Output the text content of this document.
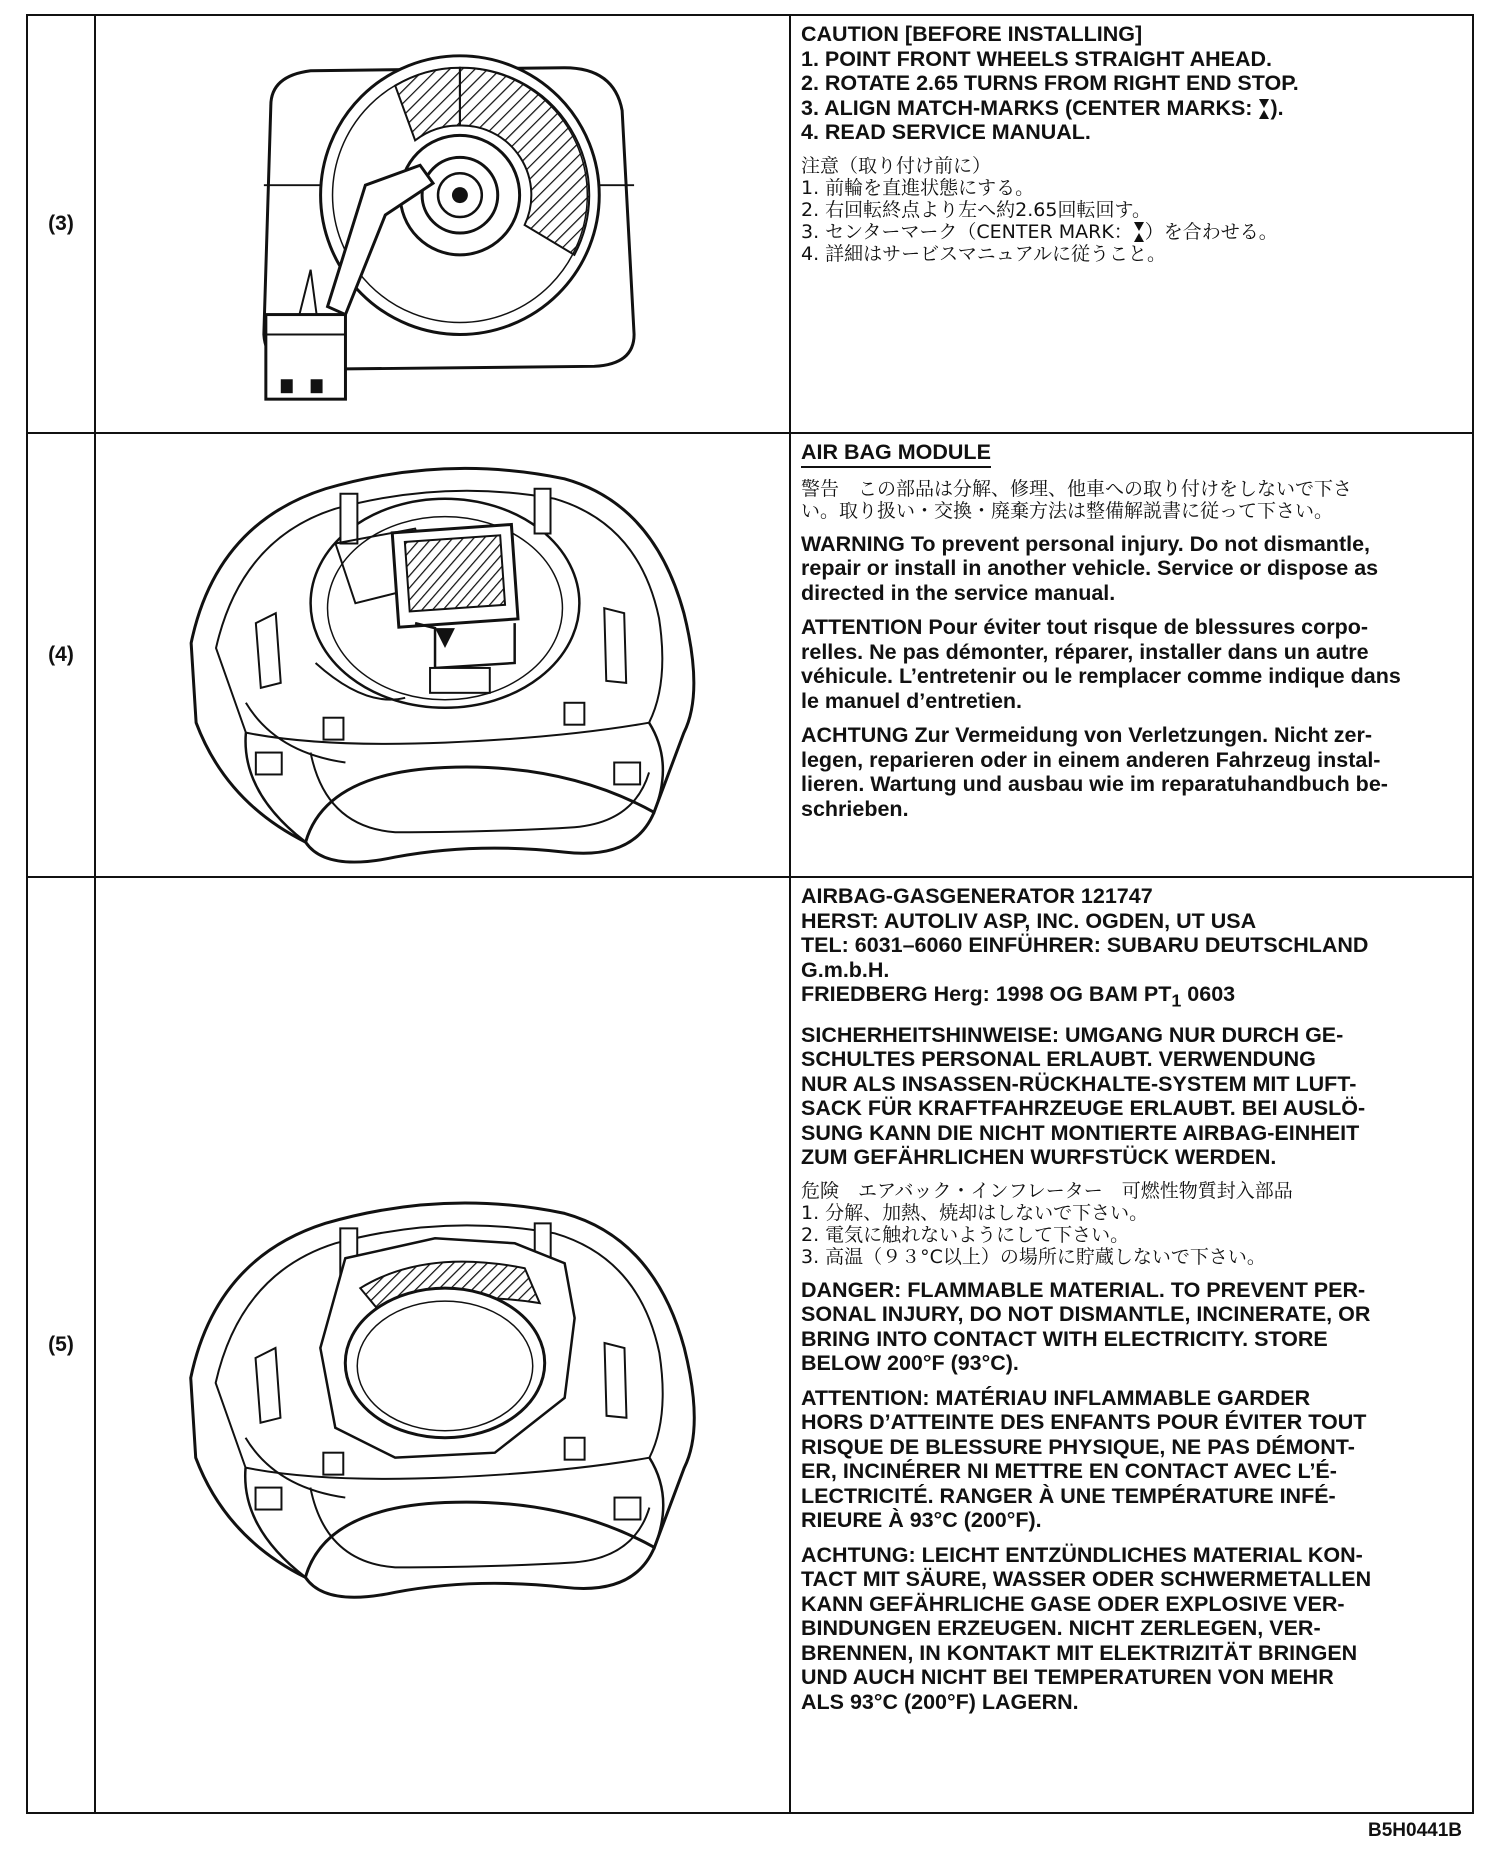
(3)

CAUTION [BEFORE INSTALLING]
1. POINT FRONT WHEELS STRAIGHT AHEAD.
2. ROTATE 2.65 TURNS FROM RIGHT END STOP.
3. ALIGN MATCH-MARKS (CENTER MARKS: ).
4. READ SERVICE MANUAL.

注意（取り付け前に）
1. 前輪を直進状態にする。
2. 右回転終点より左へ約2.65回転回す。
3. センターマーク（CENTER MARK： ）を合わせる。
4. 詳細はサービスマニュアルに従うこと。

(4)

AIR BAG MODULE

警告　この部品は分解、修理、他車への取り付けをしないで下さ
い。取り扱い・交換・廃棄方法は整備解説書に従って下さい。

WARNING To prevent personal injury. Do not dismantle,
repair or install in another vehicle. Service or dispose as
directed in the service manual.

ATTENTION Pour éviter tout risque de blessures corpo-
relles. Ne pas démonter, réparer, installer dans un autre
véhicule. L’entretenir ou le remplacer comme indique dans
le manuel d’entretien.

ACHTUNG Zur Vermeidung von Verletzungen. Nicht zer-
legen, reparieren oder in einem anderen Fahrzeug instal-
lieren. Wartung und ausbau wie im reparatuhandbuch be-
schrieben.

(5)

AIRBAG-GASGENERATOR 121747
HERST: AUTOLIV ASP, INC. OGDEN, UT USA
TEL: 6031–6060 EINFÜHRER: SUBARU DEUTSCHLAND
G.m.b.H.
FRIEDBERG Herg: 1998 OG BAM $PT_1$ 0603

SICHERHEITSHINWEISE: UMGANG NUR DURCH GE-
SCHULTES PERSONAL ERLAUBT. VERWENDUNG
NUR ALS INSASSEN-RÜCKHALTE-SYSTEM MIT LUFT-
SACK FÜR KRAFTFAHRZEUGE ERLAUBT. BEI AUSLÖ-
SUNG KANN DIE NICHT MONTIERTE AIRBAG-EINHEIT
ZUM GEFÄHRLICHEN WURFSTÜCK WERDEN.

危険　エアバック・インフレーター　可燃性物質封入部品
1. 分解、加熱、焼却はしないで下さい。
2. 電気に触れないようにして下さい。
3. 高温（９３°C以上）の場所に貯蔵しないで下さい。

DANGER: FLAMMABLE MATERIAL. TO PREVENT PER-
SONAL INJURY, DO NOT DISMANTLE, INCINERATE, OR
BRING INTO CONTACT WITH ELECTRICITY. STORE
BELOW 200°F (93°C).

ATTENTION: MATÉRIAU INFLAMMABLE GARDER
HORS D’ATTEINTE DES ENFANTS POUR ÉVITER TOUT
RISQUE DE BLESSURE PHYSIQUE, NE PAS DÉMONT-
ER, INCINÉRER NI METTRE EN CONTACT AVEC L’É-
LECTRICITÉ. RANGER À UNE TEMPÉRATURE INFÉ-
RIEURE À 93°C (200°F).

ACHTUNG: LEICHT ENTZÜNDLICHES MATERIAL KON-
TACT MIT SÄURE, WASSER ODER SCHWERMETALLEN
KANN GEFÄHRLICHE GASE ODER EXPLOSIVE VER-
BINDUNGEN ERZEUGEN. NICHT ZERLEGEN, VER-
BRENNEN, IN KONTAKT MIT ELEKTRIZITÄT BRINGEN
UND AUCH NICHT BEI TEMPERATUREN VON MEHR
ALS 93°C (200°F) LAGERN.

B5H0441B
